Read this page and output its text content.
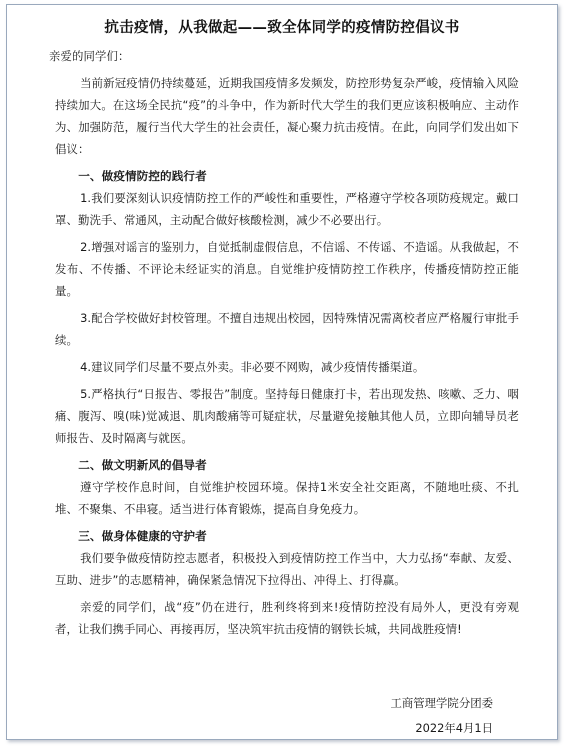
抗击疫情，从我做起——致全体同学的疫情防控倡议书

亲爱的同学们：

当前新冠疫情仍持续蔓延，近期我国疫情多发频发，防控形势复杂严峻，疫情输入风险持续加大。在这场全民抗“疫”的斗争中，作为新时代大学生的我们更应该积极响应、主动作为、加强防范，履行当代大学生的社会责任，凝心聚力抗击疫情。在此，向同学们发出如下倡议：

一、做疫情防控的践行者

1.我们要深刻认识疫情防控工作的严峻性和重要性，严格遵守学校各项防疫规定。戴口罩、勤洗手、常通风，主动配合做好核酸检测，减少不必要出行。

2.增强对谣言的鉴别力，自觉抵制虚假信息，不信谣、不传谣、不造谣。从我做起，不发布、不传播、不评论未经证实的消息。自觉维护疫情防控工作秩序，传播疫情防控正能量。

3.配合学校做好封校管理。不擅自违规出校园，因特殊情况需离校者应严格履行审批手续。

4.建议同学们尽量不要点外卖。非必要不网购，减少疫情传播渠道。

5.严格执行“日报告、零报告”制度。坚持每日健康打卡，若出现发热、咳嗽、乏力、咽痛、腹泻、嗅(味)觉减退、肌肉酸痛等可疑症状，尽量避免接触其他人员，立即向辅导员老师报告、及时隔离与就医。

二、做文明新风的倡导者

遵守学校作息时间，自觉维护校园环境。保持1米安全社交距离，不随地吐痰、不扎堆、不聚集、不串寝。适当进行体育锻炼，提高自身免疫力。

三、做身体健康的守护者

我们要争做疫情防控志愿者，积极投入到疫情防控工作当中，大力弘扬“奉献、友爱、互助、进步”的志愿精神，确保紧急情况下拉得出、冲得上、打得赢。

亲爱的同学们，战“疫”仍在进行，胜利终将到来!疫情防控没有局外人，更没有旁观者，让我们携手同心、再接再厉，坚决筑牢抗击疫情的钢铁长城，共同战胜疫情!

工商管理学院分团委
2022年4月1日
